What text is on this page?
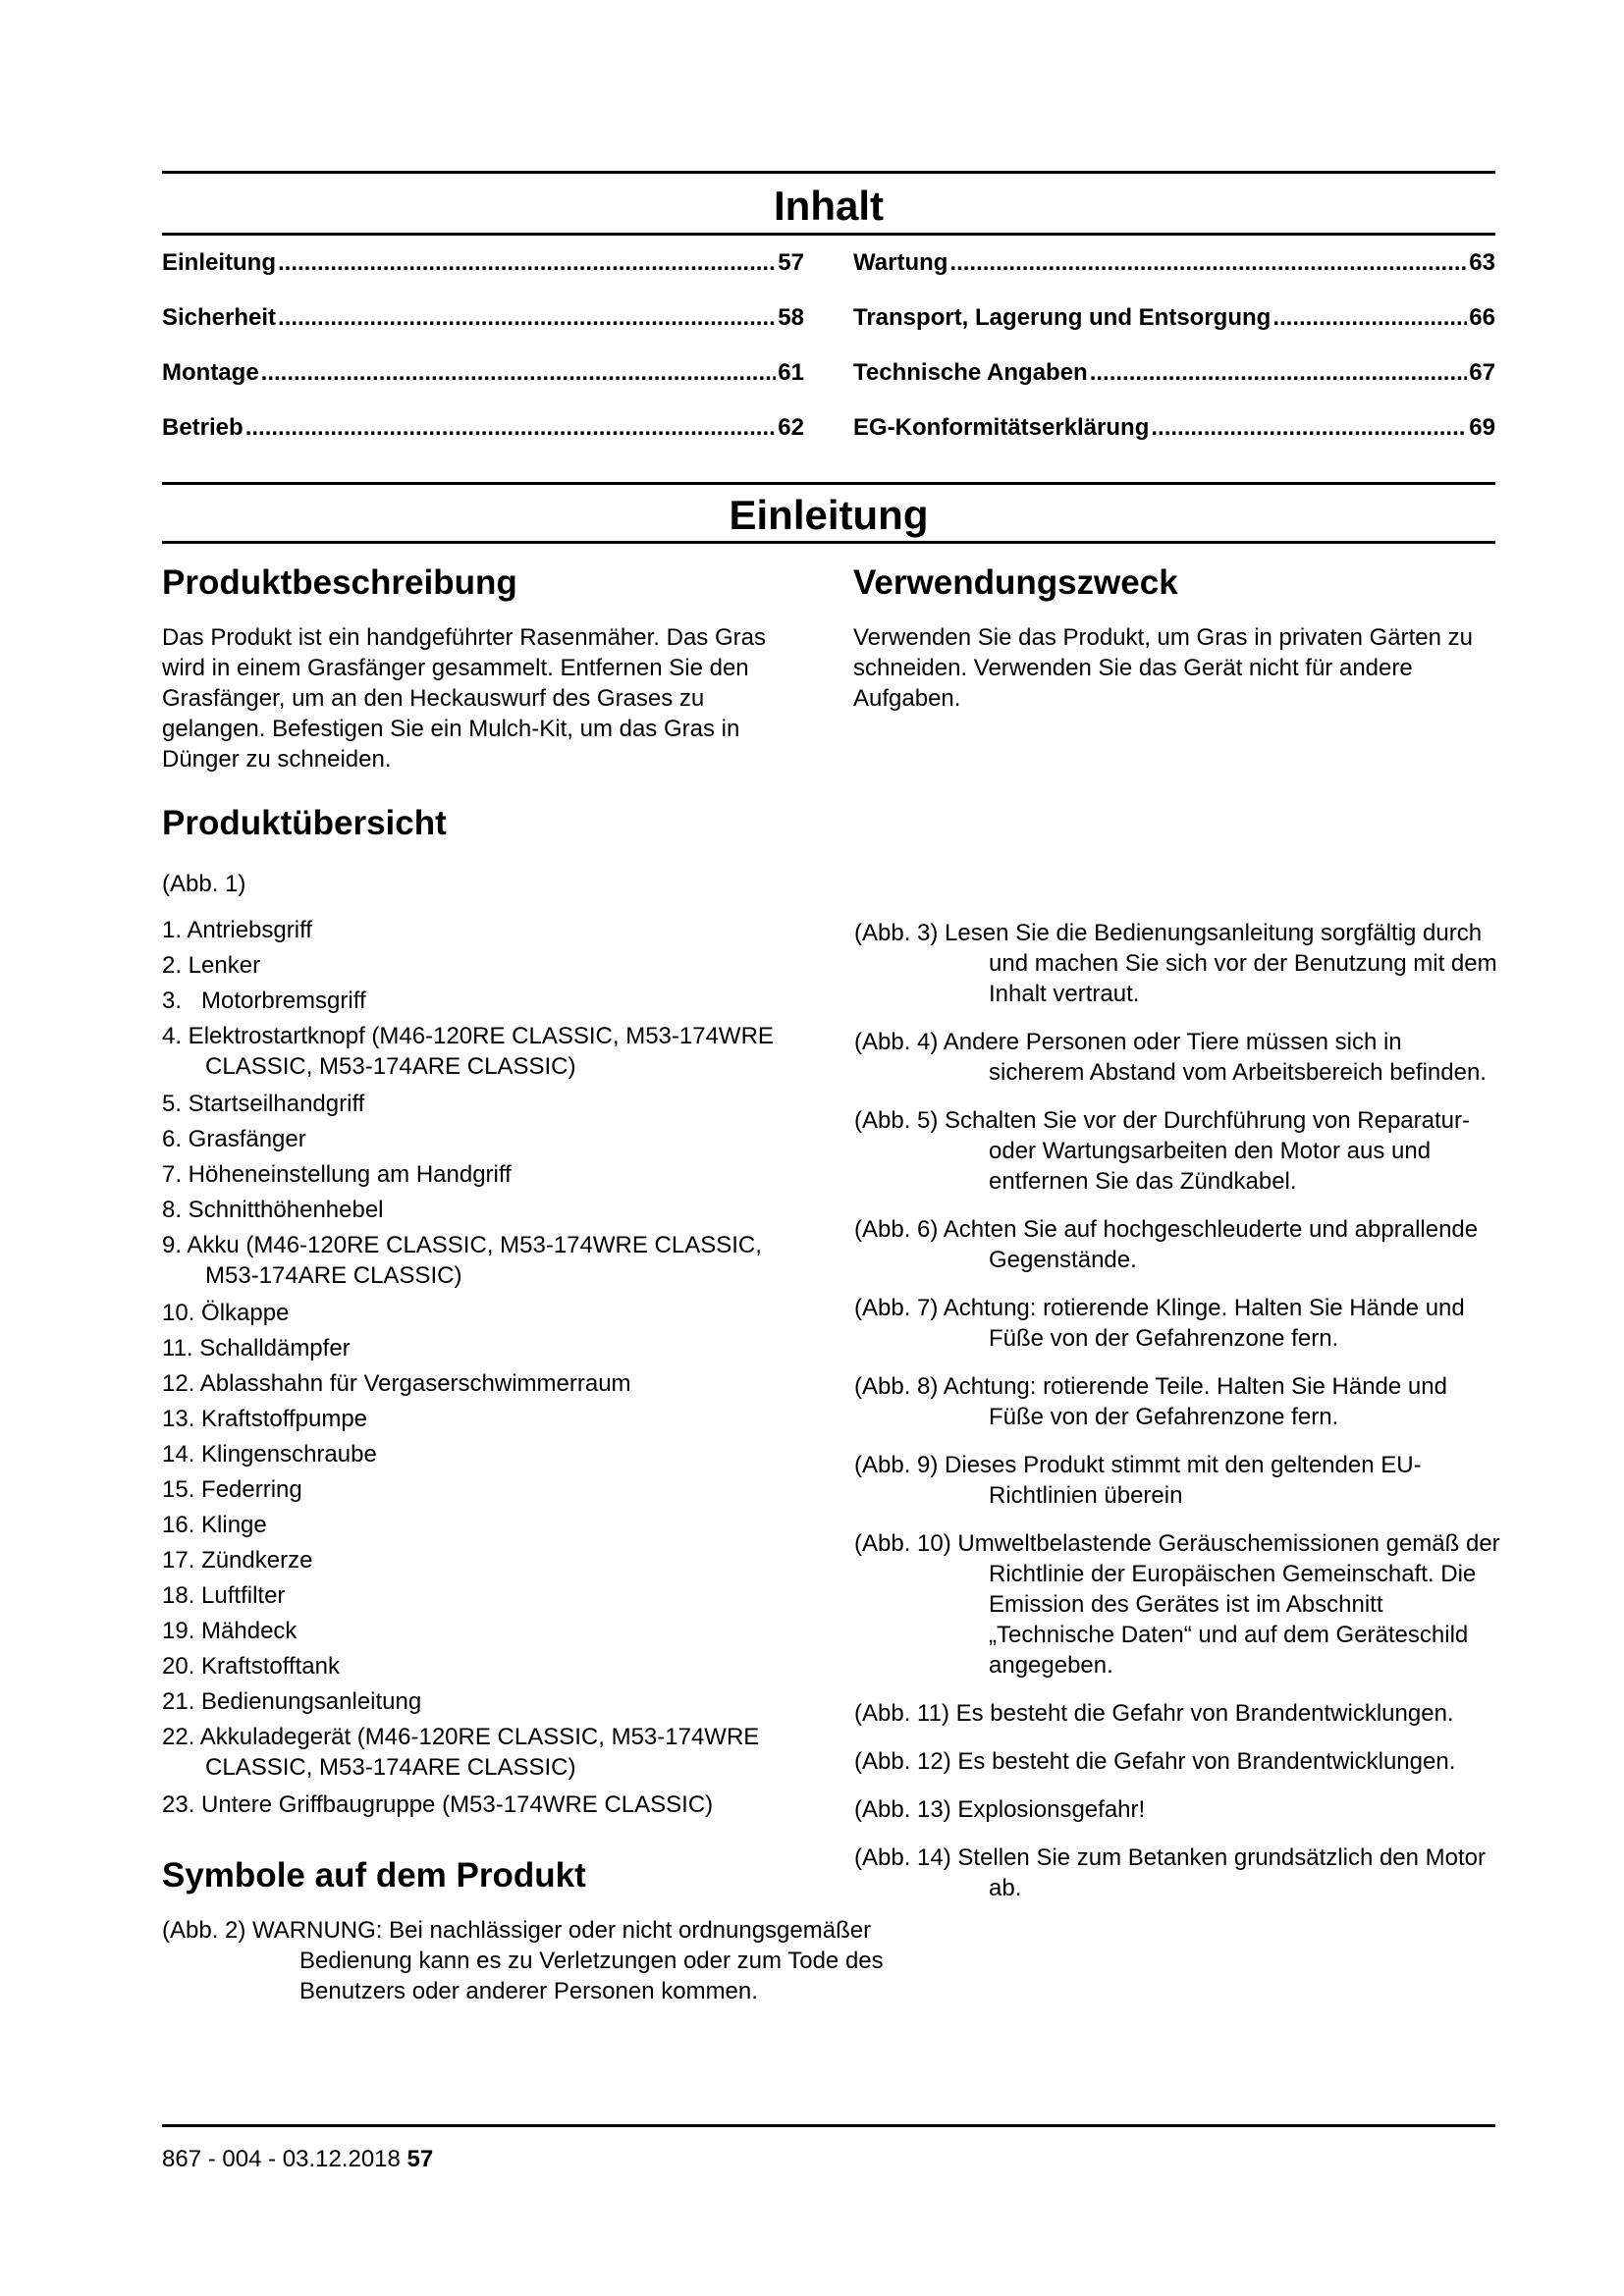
Inhalt
Einleitung .....	57
Sicherheit .....	58
Montage .....	61
Betrieb .....	62
Wartung .....	63
Transport, Lagerung und Entsorgung .....	66
Technische Angaben .....	67
EG-Konformitätserklärung .....	69
Einleitung
Produktbeschreibung
Das Produkt ist ein handgeführter Rasenmäher. Das Gras wird in einem Grasfänger gesammelt. Entfernen Sie den Grasfänger, um an den Heckauswurf des Grases zu gelangen. Befestigen Sie ein Mulch-Kit, um das Gras in Dünger zu schneiden.
Produktübersicht
(Abb. 1)
1. Antriebsgriff
2. Lenker
3.   Motorbremsgriff
4. Elektrostartknopf (M46-120RE CLASSIC, M53-174WRE CLASSIC, M53-174ARE CLASSIC)
5. Startseilhandgriff
6. Grasfänger
7. Höheneinstellung am Handgriff
8. Schnitthöhenhebel
9. Akku (M46-120RE CLASSIC, M53-174WRE CLASSIC, M53-174ARE CLASSIC)
10. Ölkappe
11. Schalldämpfer
12. Ablasshahn für Vergaserschwimmerraum
13. Kraftstoffpumpe
14. Klingenschraube
15. Federring
16. Klinge
17. Zündkerze
18. Luftfilter
19. Mähdeck
20. Kraftstofftank
21. Bedienungsanleitung
22. Akkuladegerät (M46-120RE CLASSIC, M53-174WRE CLASSIC, M53-174ARE CLASSIC)
23. Untere Griffbaugruppe (M53-174WRE CLASSIC)
Symbole auf dem Produkt
(Abb. 2) WARNUNG: Bei nachlässiger oder nicht ordnungsgemäßer Bedienung kann es zu Verletzungen oder zum Tode des Benutzers oder anderer Personen kommen.
Verwendungszweck
Verwenden Sie das Produkt, um Gras in privaten Gärten zu schneiden. Verwenden Sie das Gerät nicht für andere Aufgaben.
(Abb. 3) Lesen Sie die Bedienungsanleitung sorgfältig durch und machen Sie sich vor der Benutzung mit dem Inhalt vertraut.
(Abb. 4) Andere Personen oder Tiere müssen sich in sicherem Abstand vom Arbeitsbereich befinden.
(Abb. 5) Schalten Sie vor der Durchführung von Reparatur- oder Wartungsarbeiten den Motor aus und entfernen Sie das Zündkabel.
(Abb. 6) Achten Sie auf hochgeschleuderte und abprallende Gegenstände.
(Abb. 7) Achtung: rotierende Klinge. Halten Sie Hände und Füße von der Gefahrenzone fern.
(Abb. 8) Achtung: rotierende Teile. Halten Sie Hände und Füße von der Gefahrenzone fern.
(Abb. 9) Dieses Produkt stimmt mit den geltenden EU-Richtlinien überein
(Abb. 10) Umweltbelastende Geräuschemissionen gemäß der Richtlinie der Europäischen Gemeinschaft. Die Emission des Gerätes ist im Abschnitt „Technische Daten“ und auf dem Geräteschild angegeben.
(Abb. 11) Es besteht die Gefahr von Brandentwicklungen.
(Abb. 12) Es besteht die Gefahr von Brandentwicklungen.
(Abb. 13) Explosionsgefahr!
(Abb. 14) Stellen Sie zum Betanken grundsätzlich den Motor ab.
867 - 004 - 03.12.2018 57
